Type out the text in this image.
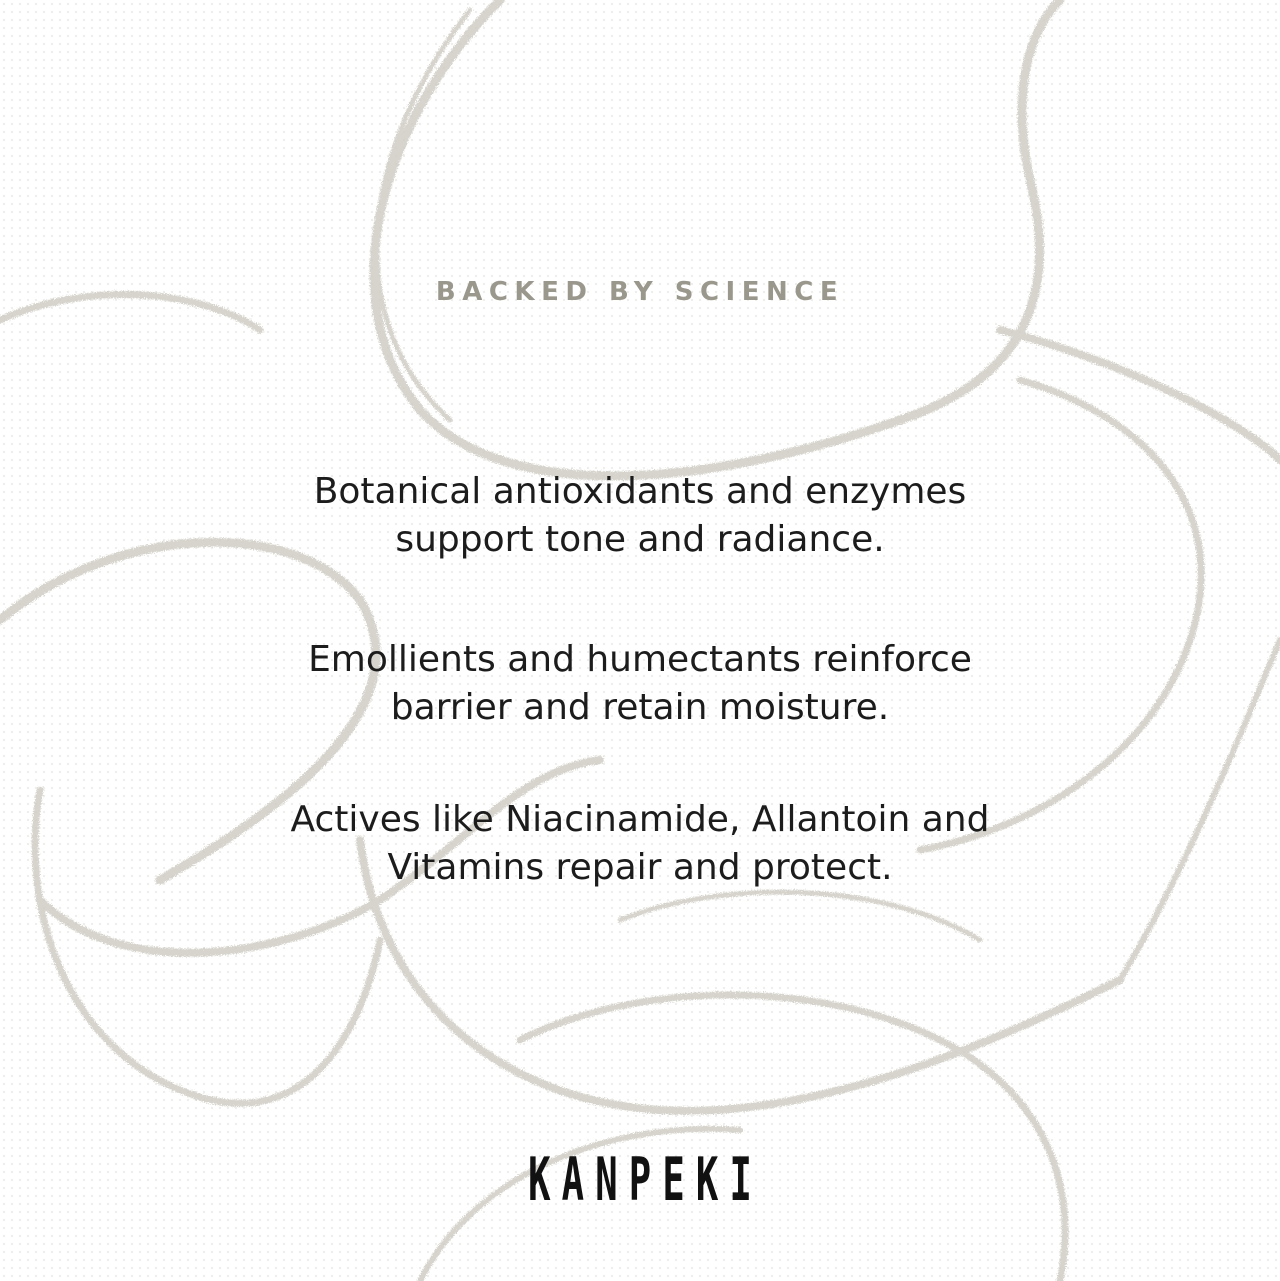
BACKED BY SCIENCE

Botanical antioxidants and enzymes
support tone and radiance.

Emollients and humectants reinforce
barrier and retain moisture.

Actives like Niacinamide, Allantoin and
Vitamins repair and protect.

KANPEKI
